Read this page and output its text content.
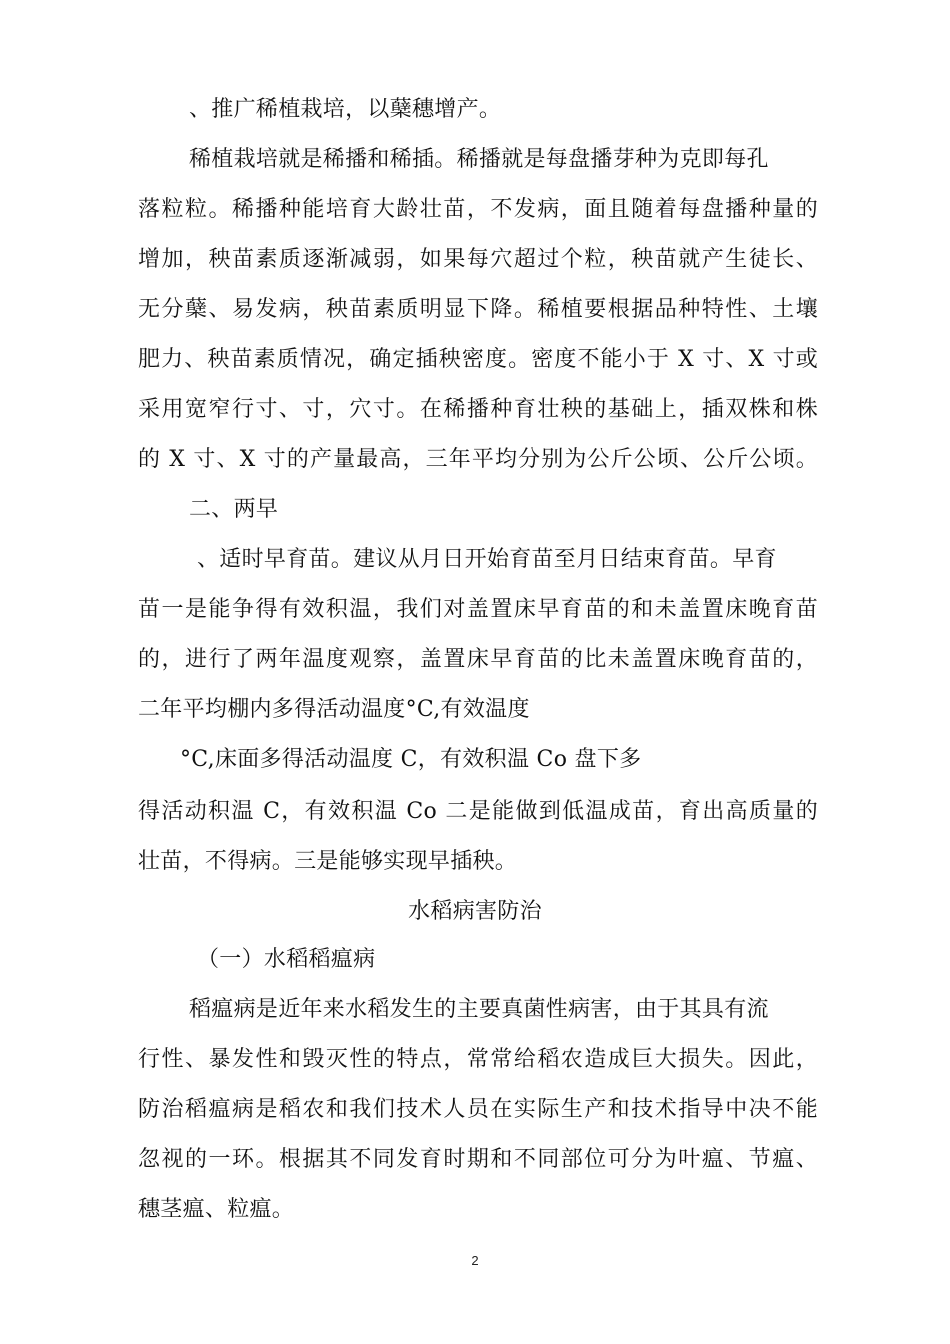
、推广稀植栽培，以蘖穗增产。
稀植栽培就是稀播和稀插。稀播就是每盘播芽种为克即每孔
落粒粒。稀播种能培育大龄壮苗，不发病，面且随着每盘播种量的
增加，秧苗素质逐渐减弱，如果每穴超过个粒，秧苗就产生徒长、
无分蘖、易发病，秧苗素质明显下降。稀植要根据品种特性、土壤
肥力、秧苗素质情况，确定插秧密度。密度不能小于 X 寸、X 寸或
采用宽窄行寸、寸，穴寸。在稀播种育壮秧的基础上，插双株和株
的 X 寸、X 寸的产量最高，三年平均分别为公斤公顷、公斤公顷。
二、两早
、适时早育苗。建议从月日开始育苗至月日结束育苗。早育
苗一是能争得有效积温，我们对盖置床早育苗的和未盖置床晚育苗
的，进行了两年温度观察，盖置床早育苗的比未盖置床晚育苗的，
二年平均棚内多得活动温度°C,有效温度
°C,床面多得活动温度 C，有效积温 Co 盘下多
得活动积温 C，有效积温 Co 二是能做到低温成苗，育出高质量的
壮苗，不得病。三是能够实现早插秧。
水稻病害防治
（一）水稻稻瘟病
稻瘟病是近年来水稻发生的主要真菌性病害，由于其具有流
行性、暴发性和毁灭性的特点，常常给稻农造成巨大损失。因此，
防治稻瘟病是稻农和我们技术人员在实际生产和技术指导中决不能
忽视的一环。根据其不同发育时期和不同部位可分为叶瘟、节瘟、
穗茎瘟、粒瘟。
2
